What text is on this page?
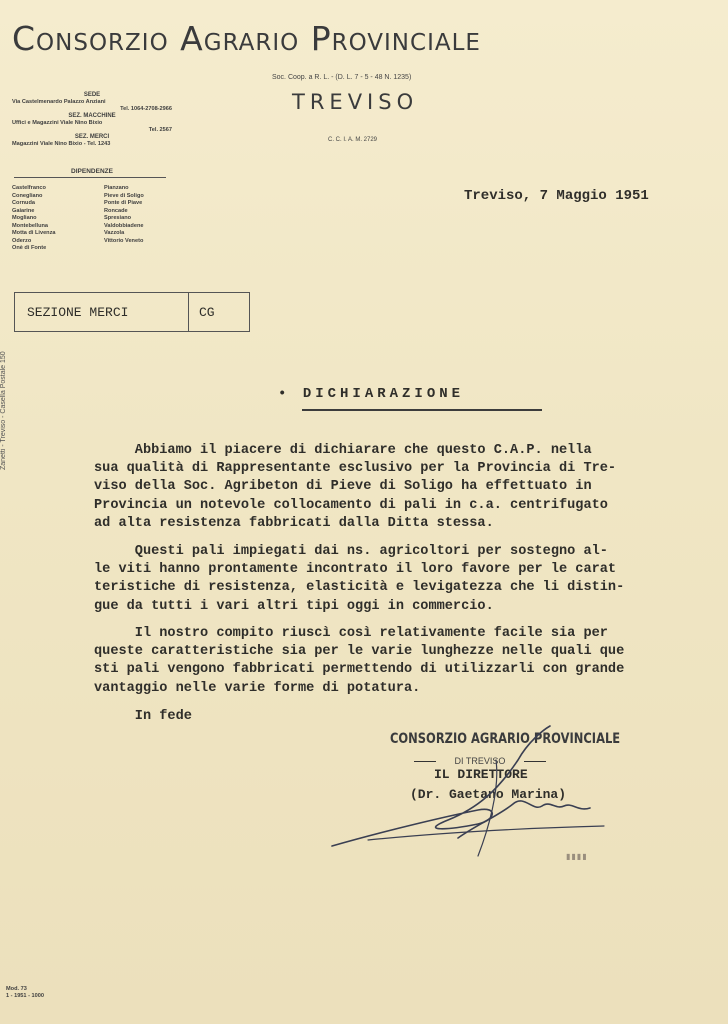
Consorzio Agrario Provinciale
Soc. Coop. a R. L. - (D. L. 7 - 5 - 48 N. 1235)
TREVISO
C. C. I. A. M. 2729
SEDE
Via Castelmenardo Palazzo Anziani
Tel. 1064-2708-2966
SEZ. MACCHINE
Uffici e Magazzini Viale Nino Bixio
Tel. 2567
SEZ. MERCI
Magazzini Viale Nino Bixio - Tel. 1243
DIPENDENZE
Castelfranco
Conegliano
Cornuda
Gaiarine
Mogliano
Montebelluna
Motta di Livenza
Oderzo
Onè di Fonte
Pianzano
Pieve di Soligo
Ponte di Piave
Roncade
Spresiano
Valdobbiadene
Vazzola
Vittorio Veneto
Treviso, 7 Maggio 1951
SEZIONE MERCI	CG
• DICHIARAZIONE
Abbiamo il piacere di dichiarare che questo C.A.P. nella
sua qualità di Rappresentante esclusivo per la Provincia di Tre-
viso della Soc. Agribeton di Pieve di Soligo ha effettuato in
Provincia un notevole collocamento di pali in c.a. centrifugato
ad alta resistenza fabbricati dalla Ditta stessa.
Questi pali impiegati dai ns. agricoltori per sostegno al-
le viti hanno prontamente incontrato il loro favore per le carat
teristiche di resistenza, elasticità e levigatezza che li distin-
gue da tutti i vari altri tipi oggi in commercio.
Il nostro compito riuscì così relativamente facile sia per
queste caratteristiche sia per le varie lunghezze nelle quali que
sti pali vengono fabbricati permettendo di utilizzarli con grande
vantaggio nelle varie forme di potatura.
In fede
CONSORZIO AGRARIO PROVINCIALE
DI TREVISO
IL DIRETTORE
(Dr. Gaetano Marina)
▮▮▮▮
Zanetti - Treviso - Casella Postale 150
Mod. 73
1 - 1951 - 1000
